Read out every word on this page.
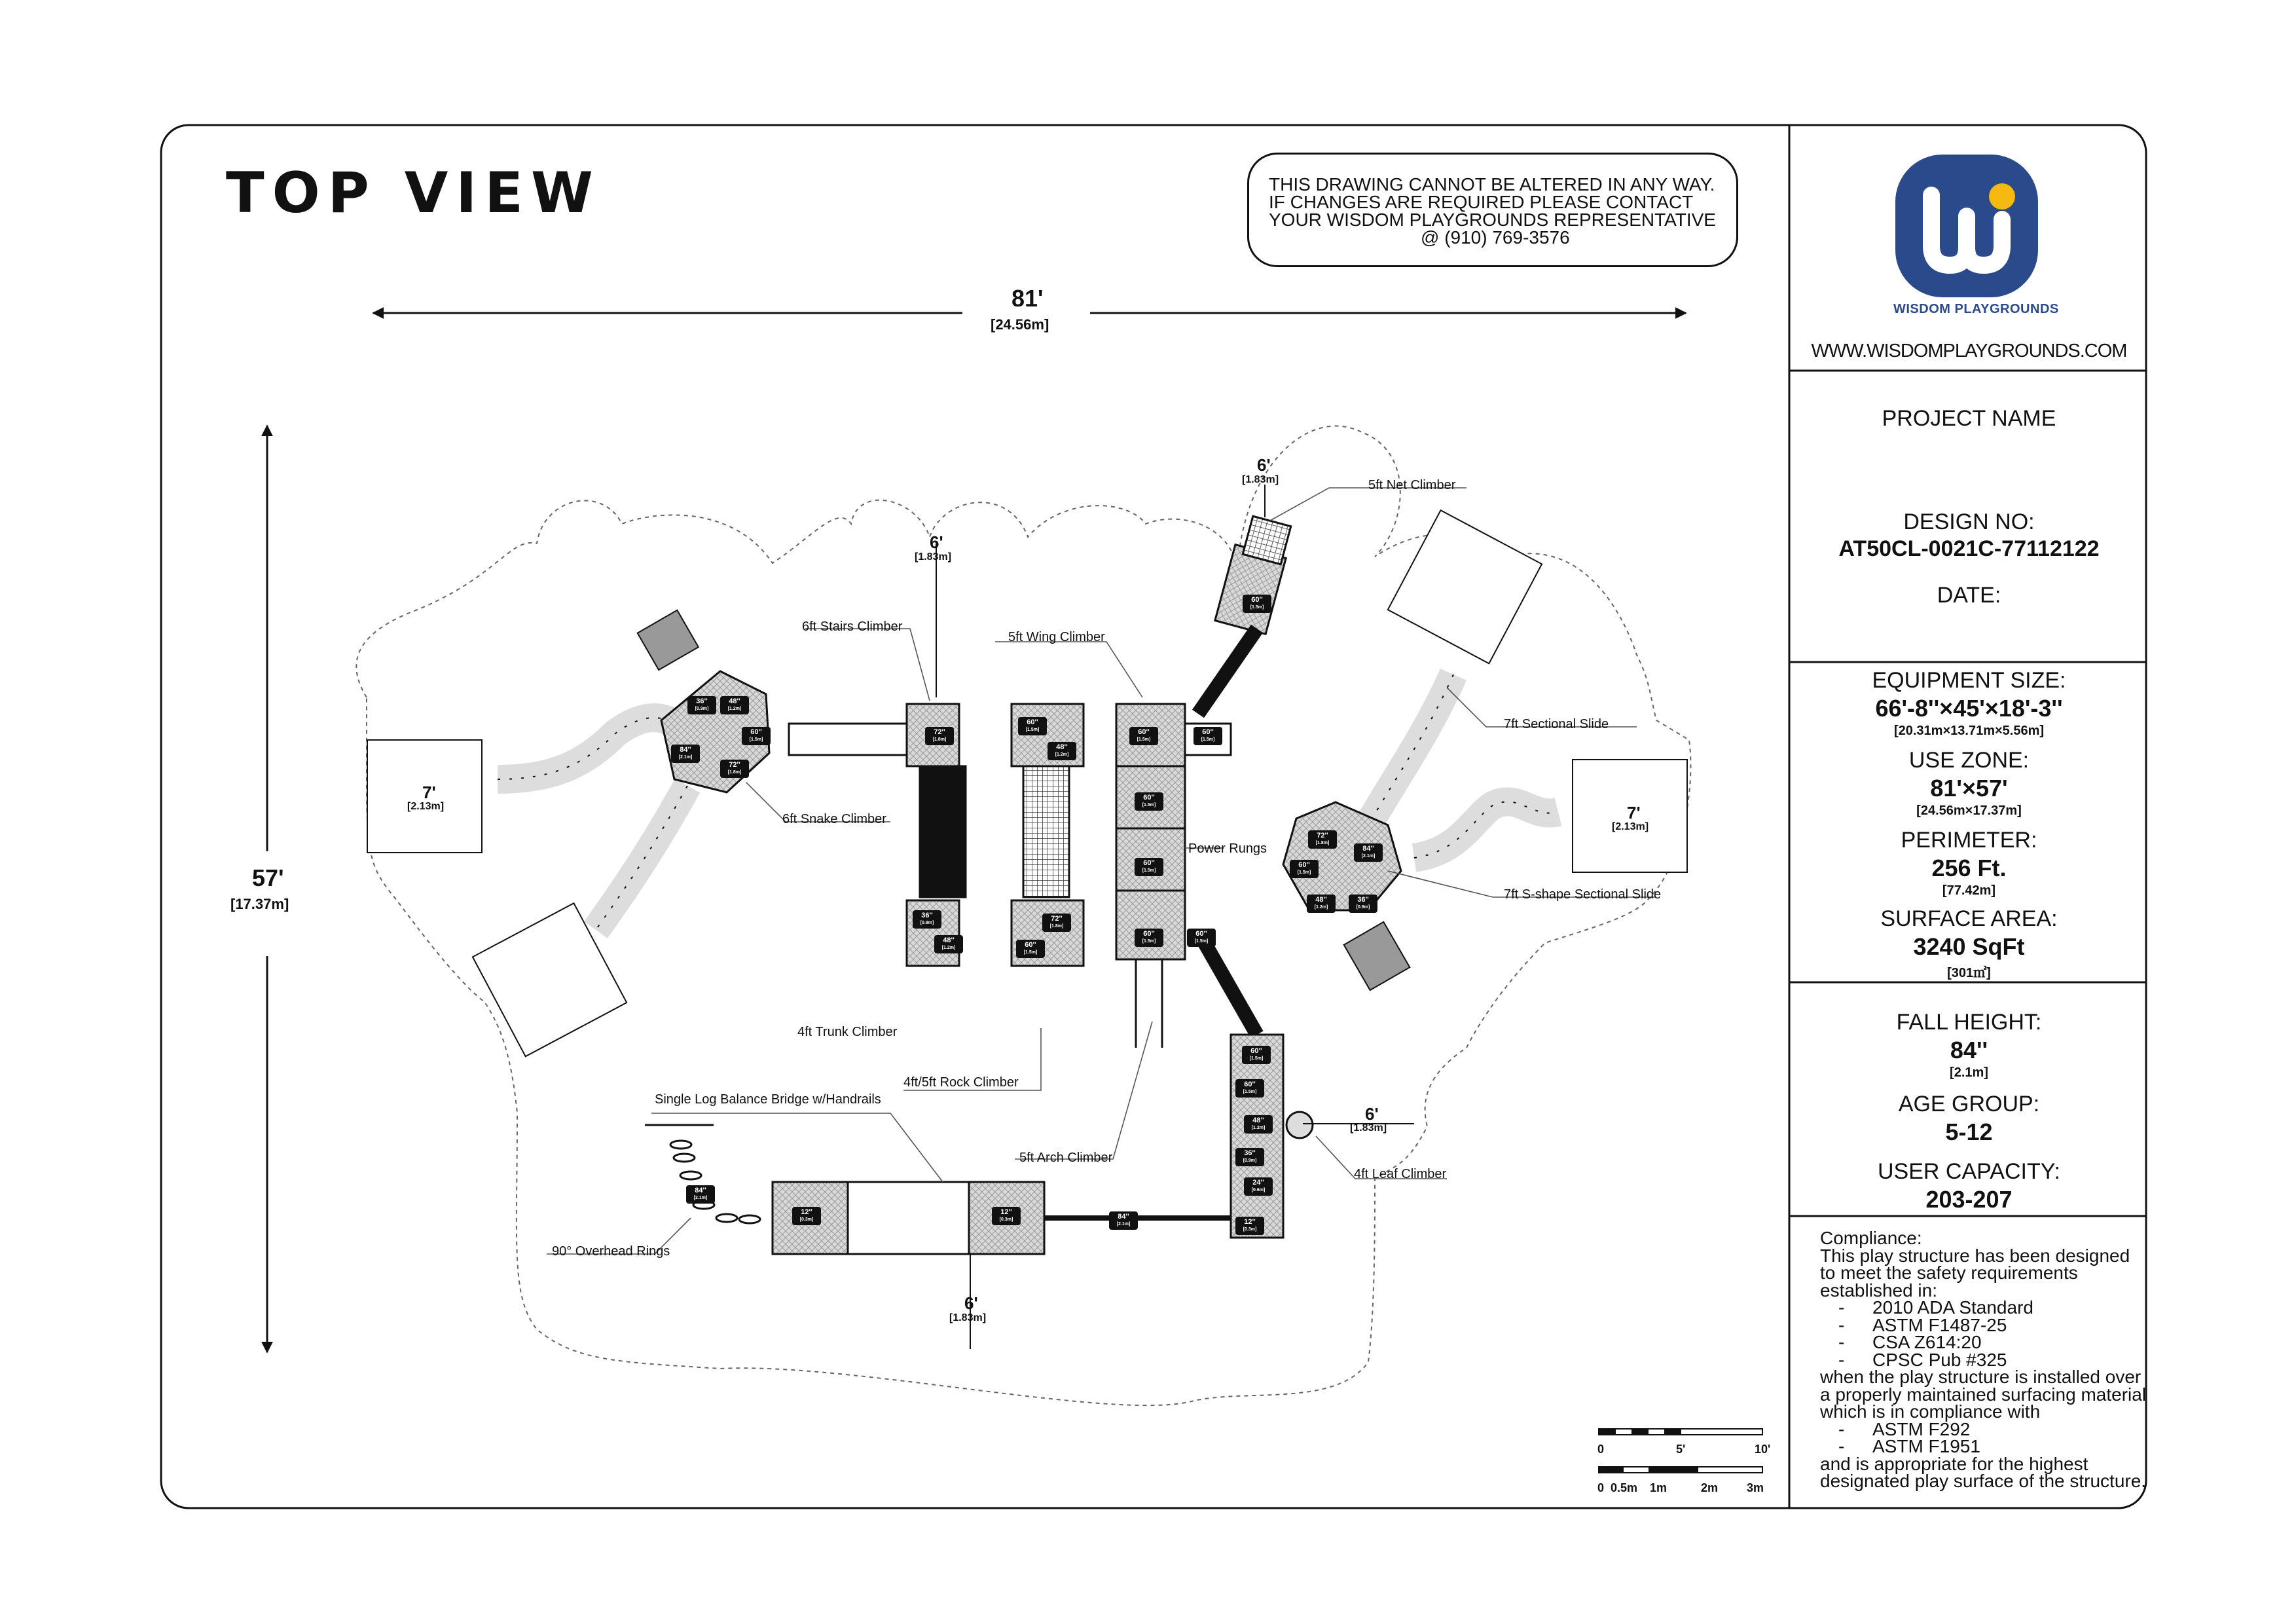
TOP VIEW	THIS DRAWING CANNOT BE ALTERED IN ANY WAY.
IF CHANGES ARE REQUIRED PLEASE CONTACT
YOUR WISDOM PLAYGROUNDS REPRESENTATIVE
@ (910) 769-3576
WISDOM PLAYGROUNDS
WWW.WISDOMPLAYGROUNDS.COM
PROJECT NAME
DESIGN NO:
AT50CL-0021C-77112122
DATE:
EQUIPMENT SIZE:
66'-8''×45'×18'-3''
[20.31m×13.71m×5.56m]
USE ZONE:
81'×57'
[24.56m×17.37m]
PERIMETER:
256 Ft.
[77.42m]
SURFACE AREA:
3240 SqFt
[301㎡]
FALL HEIGHT:
84''
[2.1m]
AGE GROUP:
5-12
USER CAPACITY:
203-207
Compliance:
This play structure has been designed
to meet the safety requirements
established in:
- 2010 ADA Standard
- ASTM F1487-25
- CSA Z614:20
- CPSC Pub #325
when the play structure is installed over
a properly maintained surfacing material
which is in compliance with
- ASTM F292
- ASTM F1951
and is appropriate for the highest
designated play surface of the structure.
81'
[24.56m]
57'
[17.37m]
6'
[1.83m]
6'
[1.83m]
6'
[1.83m]
6'
[1.83m]
7'
[2.13m]	7'
[2.13m]
5ft Net Climber
6ft Stairs Climber
5ft Wing Climber
7ft Sectional Slide
6ft Snake Climber
Power Rungs
7ft S-shape Sectional Slide
4ft Trunk Climber
4ft/5ft Rock Climber
Single Log Balance Bridge w/Handrails
5ft Arch Climber
4ft Leaf Climber
90° Overhead Rings
0	5'	10'
0 0.5m 1m	2m 3m
36''
[0.9m]
48''
[1.2m]
60''
[1.5m]
84''
[2.1m]
72''
[1.8m]
72''
[1.8m]
84''
[2.1m]
60''
[1.5m]
48''
[1.2m]
36''
[0.9m]
72''
[1.8m]
60''
[1.5m]
48''
[1.2m]
60''
[1.5m]
60''
[1.5m]
60''
[1.5m]
60''
[1.5m]
36''
[0.9m]
48''
[1.2m]
72''
[1.8m]
60''
[1.5m]
60''
[1.5m]
60''
[1.5m]
60''
[1.5m]
60''
[1.5m]
60''
[1.5m]
48''
[1.2m]
36''
[0.9m]
24''
[0.6m]
12''
[0.3m]
12''
[0.3m]
12''
[0.3m]	84''
[2.1m]
84''
[2.1m]
